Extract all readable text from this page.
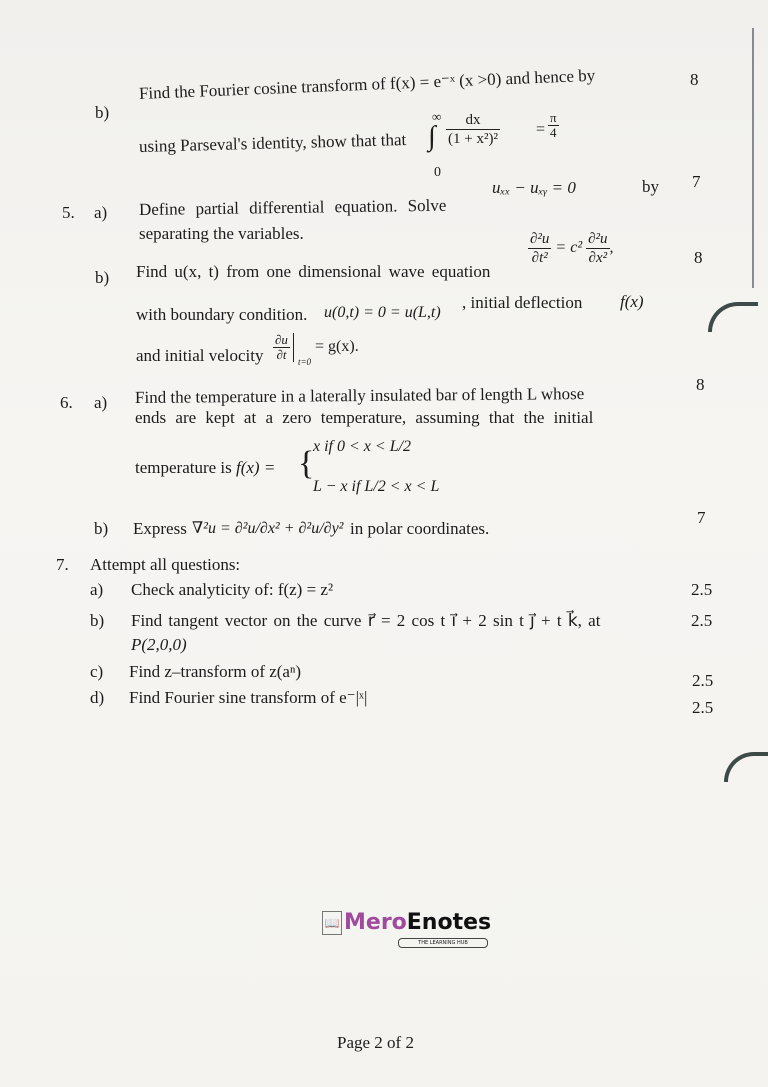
b)
Find the Fourier cosine transform of f(x) = e⁻ˣ (x >0) and hence by	8
using Parseval's identity, show that that
∞
∫ $\frac{dx}{\text{(1 + x²)²}} = \frac{\pi}{4}$
0
5. a) Define partial differential equation. Solve
uₓₓ − uₓᵧ = 0	by 7
separating the variables.
b) Find u(x, t) from one dimensional wave equation
$\frac{\text{∂²u}}{\text{∂t²}} = c^2 \frac{\text{∂²u}}{\text{∂x²}}$ ,
8
with boundary condition. u(0,t) = 0 = u(L,t)
, initial deflection f(x)
and initial velocity $\frac{\partial u}{\partial t}$
$_{t=0}$ = g(x).
6. a) Find the temperature in a laterally insulated bar of length L whose	8
ends are kept at a zero temperature, assuming that the initial
temperature is f(x) = {
x if 0 < x < L/2
L − x if L/2 < x < L
b) Express ∇²u = ∂²u/∂x² + ∂²u/∂y² in polar coordinates.
7
7. Attempt all questions:
a) Check analyticity of: f(z) = z²	2.5
b) Find tangent vector on the curve r⃗ = 2 cos t i⃗ + 2 sin t j⃗ + t k⃗, at	2.5
P(2,0,0)
c) Find z–transform of z(aⁿ)	2.5
d) Find Fourier sine transform of e⁻|ˣ|
2.5
📖 Mero Enotes
THE LEARNING HUB
Page 2 of 2
